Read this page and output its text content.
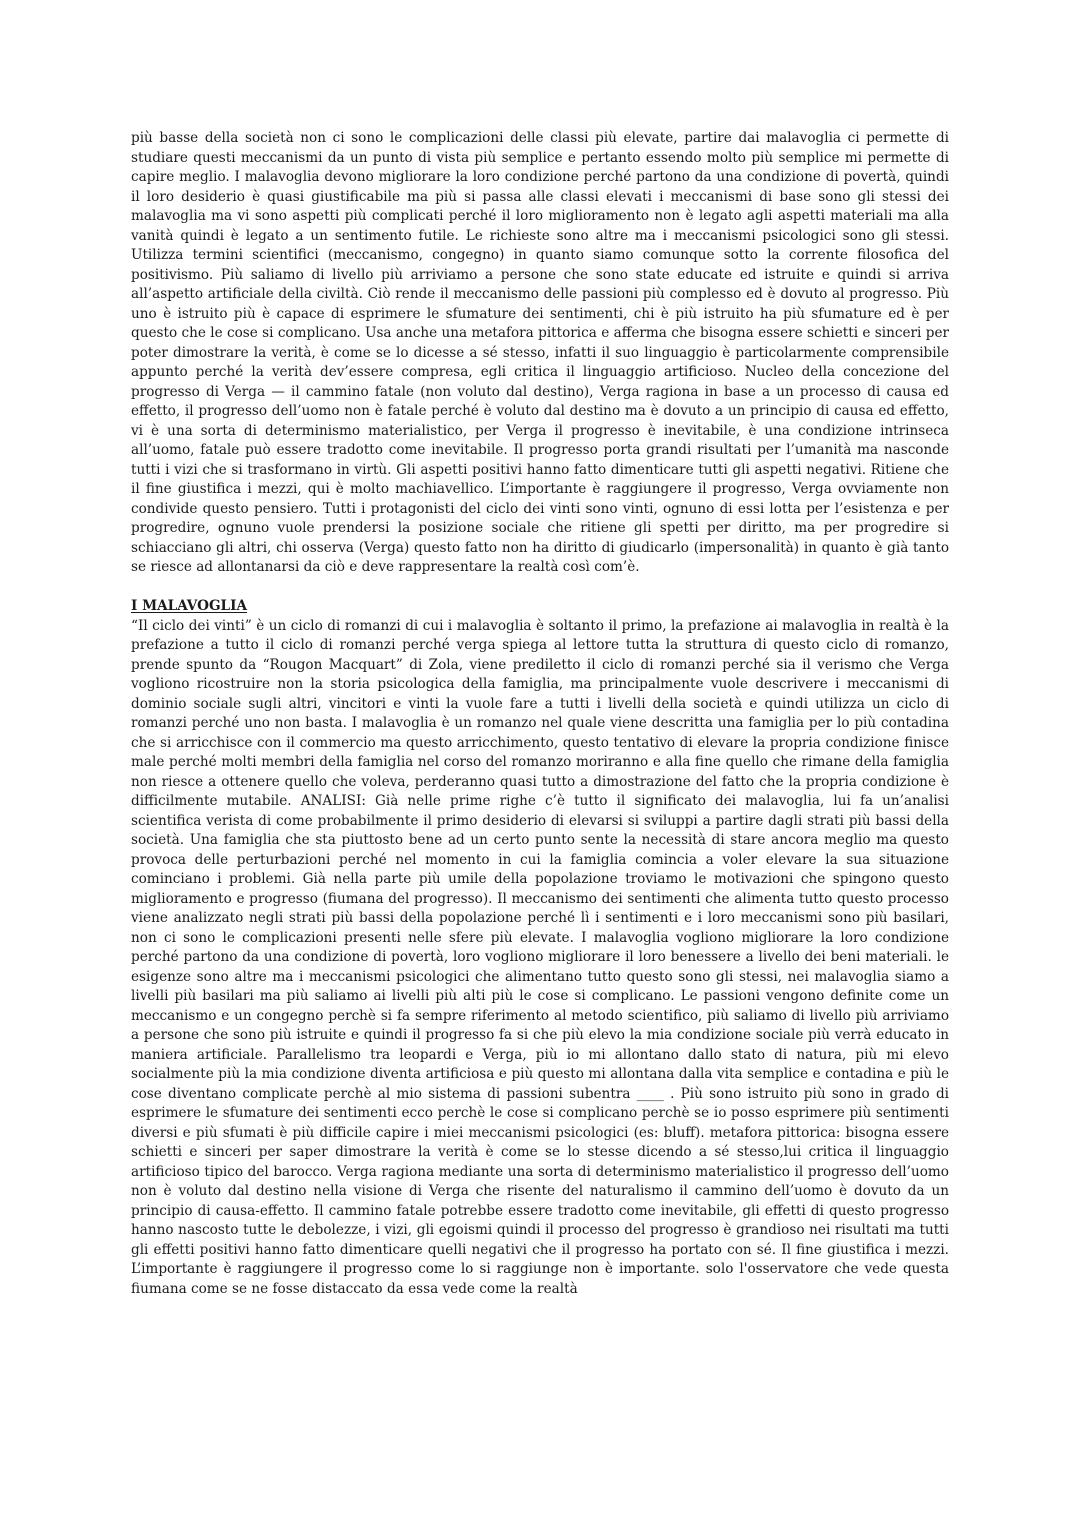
più basse della società non ci sono le complicazioni delle classi più elevate, partire dai malavoglia ci permette di studiare questi meccanismi da un punto di vista più semplice e pertanto essendo molto più semplice mi permette di capire meglio. I malavoglia devono migliorare la loro condizione perché partono da una condizione di povertà, quindi il loro desiderio è quasi giustificabile ma più si passa alle classi elevati i meccanismi di base sono gli stessi dei malavoglia ma vi sono aspetti più complicati perché il loro miglioramento non è legato agli aspetti materiali ma alla vanità quindi è legato a un sentimento futile. Le richieste sono altre ma i meccanismi psicologici sono gli stessi. Utilizza termini scientifici (meccanismo, congegno) in quanto siamo comunque sotto la corrente filosofica del positivismo. Più saliamo di livello più arriviamo a persone che sono state educate ed istruite e quindi si arriva all’aspetto artificiale della civiltà. Ciò rende il meccanismo delle passioni più complesso ed è dovuto al progresso. Più uno è istruito più è capace di esprimere le sfumature dei sentimenti, chi è più istruito ha più sfumature ed è per questo che le cose si complicano. Usa anche una metafora pittorica e afferma che bisogna essere schietti e sinceri per poter dimostrare la verità, è come se lo dicesse a sé stesso, infatti il suo linguaggio è particolarmente comprensibile appunto perché la verità dev’essere compresa, egli critica il linguaggio artificioso. Nucleo della concezione del progresso di Verga — il cammino fatale (non voluto dal destino), Verga ragiona in base a un processo di causa ed effetto, il progresso dell’uomo non è fatale perché è voluto dal destino ma è dovuto a un principio di causa ed effetto, vi è una sorta di determinismo materialistico, per Verga il progresso è inevitabile, è una condizione intrinseca all’uomo, fatale può essere tradotto come inevitabile. Il progresso porta grandi risultati per l’umanità ma nasconde tutti i vizi che si trasformano in virtù. Gli aspetti positivi hanno fatto dimenticare tutti gli aspetti negativi. Ritiene che il fine giustifica i mezzi, qui è molto machiavellico. L’importante è raggiungere il progresso, Verga ovviamente non condivide questo pensiero. Tutti i protagonisti del ciclo dei vinti sono vinti, ognuno di essi lotta per l’esistenza e per progredire, ognuno vuole prendersi la posizione sociale che ritiene gli spetti per diritto, ma per progredire si schiacciano gli altri, chi osserva (Verga) questo fatto non ha diritto di giudicarlo (impersonalità) in quanto è già tanto se riesce ad allontanarsi da ciò e deve rappresentare la realtà così com’è.

I MALAVOGLIA

“Il ciclo dei vinti” è un ciclo di romanzi di cui i malavoglia è soltanto il primo, la prefazione ai malavoglia in realtà è la prefazione a tutto il ciclo di romanzi perché verga spiega al lettore tutta la struttura di questo ciclo di romanzo, prende spunto da “Rougon Macquart” di Zola, viene prediletto il ciclo di romanzi perché sia il verismo che Verga vogliono ricostruire non la storia psicologica della famiglia, ma principalmente vuole descrivere i meccanismi di dominio sociale sugli altri, vincitori e vinti la vuole fare a tutti i livelli della società e quindi utilizza un ciclo di romanzi perché uno non basta. I malavoglia è un romanzo nel quale viene descritta una famiglia per lo più contadina che si arricchisce con il commercio ma questo arricchimento, questo tentativo di elevare la propria condizione finisce male perché molti membri della famiglia nel corso del romanzo moriranno e alla fine quello che rimane della famiglia non riesce a ottenere quello che voleva, perderanno quasi tutto a dimostrazione del fatto che la propria condizione è difficilmente mutabile. ANALISI: Già nelle prime righe c’è tutto il significato dei malavoglia, lui fa un’analisi scientifica verista di come probabilmente il primo desiderio di elevarsi si sviluppi a partire dagli strati più bassi della società. Una famiglia che sta piuttosto bene ad un certo punto sente la necessità di stare ancora meglio ma questo provoca delle perturbazioni perché nel momento in cui la famiglia comincia a voler elevare la sua situazione cominciano i problemi. Già nella parte più umile della popolazione troviamo le motivazioni che spingono questo miglioramento e progresso (fiumana del progresso). Il meccanismo dei sentimenti che alimenta tutto questo processo viene analizzato negli strati più bassi della popolazione perché lì i sentimenti e i loro meccanismi sono più basilari, non ci sono le complicazioni presenti nelle sfere più elevate. I malavoglia vogliono migliorare la loro condizione perché partono da una condizione di povertà, loro vogliono migliorare il loro benessere a livello dei beni materiali. le esigenze sono altre ma i meccanismi psicologici che alimentano tutto questo sono gli stessi, nei malavoglia siamo a livelli più basilari ma più saliamo ai livelli più alti più le cose si complicano. Le passioni vengono definite come un meccanismo e un congegno perchè si fa sempre riferimento al metodo scientifico, più saliamo di livello più arriviamo a persone che sono più istruite e quindi il progresso fa si che più elevo la mia condizione sociale più verrà educato in maniera artificiale. Parallelismo tra leopardi e Verga, più io mi allontano dallo stato di natura, più mi elevo socialmente più la mia condizione diventa artificiosa e più questo mi allontana dalla vita semplice e contadina e più le cose diventano complicate perchè al mio sistema di passioni subentra ____ . Più sono istruito più sono in grado di esprimere le sfumature dei sentimenti ecco perchè le cose si complicano perchè se io posso esprimere più sentimenti diversi e più sfumati è più difficile capire i miei meccanismi psicologici (es: bluff). metafora pittorica: bisogna essere schietti e sinceri per saper dimostrare la verità è come se lo stesse dicendo a sé stesso,lui critica il linguaggio artificioso tipico del barocco. Verga ragiona mediante una sorta di determinismo materialistico il progresso dell’uomo non è voluto dal destino nella visione di Verga che risente del naturalismo il cammino dell’uomo è dovuto da un principio di causa-effetto. Il cammino fatale potrebbe essere tradotto come inevitabile, gli effetti di questo progresso hanno nascosto tutte le debolezze, i vizi, gli egoismi quindi il processo del progresso è grandioso nei risultati ma tutti gli effetti positivi hanno fatto dimenticare quelli negativi che il progresso ha portato con sé. Il fine giustifica i mezzi. L’importante è raggiungere il progresso come lo si raggiunge non è importante. solo l'osservatore che vede questa fiumana come se ne fosse distaccato da essa vede come la realtà
